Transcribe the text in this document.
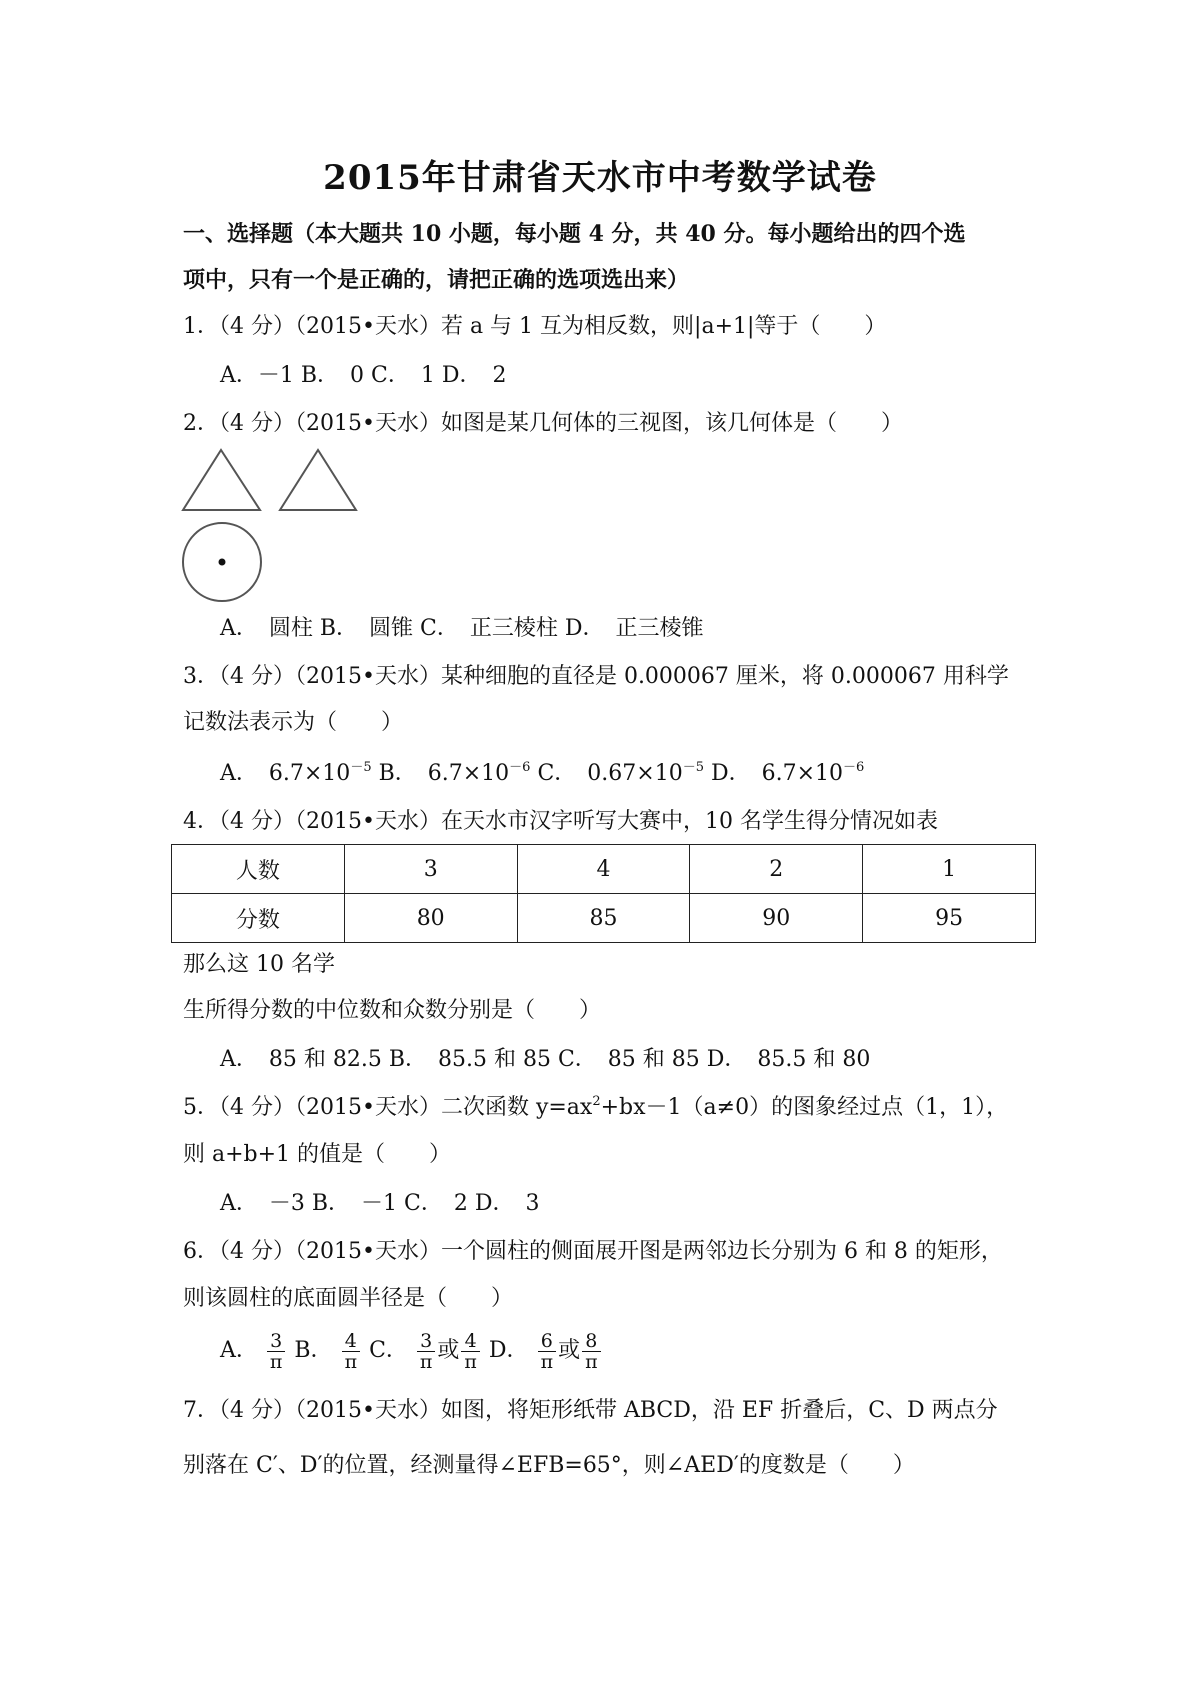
2015年甘肃省天水市中考数学试卷
一、选择题（本大题共 10 小题，每小题 4 分，共 40 分。每小题给出的四个选
项中，只有一个是正确的，请把正确的选项选出来）
1．（4 分）（2015•天水）若 a 与 1 互为相反数，则|a+1|等于（　　）
A．－1 B．　0 C．　1 D．　2
2．（4 分）（2015•天水）如图是某几何体的三视图，该几何体是（　　）
A．　圆柱 B．　圆锥 C．　正三棱柱 D．　正三棱锥
3．（4 分）（2015•天水）某种细胞的直径是 0.000067 厘米，将 0.000067 用科学
记数法表示为（　　）
A．　$6.7\times 10^{-5}$ B．　$6.7\times 10^{-6}$ C．　$0.67\times 10^{-5}$ D．　$6.7\times 10^{-6}$
4．（4 分）（2015•天水）在天水市汉字听写大赛中，10 名学生得分情况如表
人数	3	4	2	1
分数	80	85	90	95
那么这 10 名学
生所得分数的中位数和众数分别是（　　）
A．　85 和 82.5 B．　85.5 和 85 C．　85 和 85 D．　85.5 和 80
5．（4 分）（2015•天水）二次函数 $y=ax^2+bx-1(a\ne 0)$的图象经过点（1，1），
则 a+b+1 的值是（　　）
A．　－3 B．　－1 C．　2 D．　3
6．（4 分）（2015•天水）一个圆柱的侧面展开图是两邻边长分别为 6 和 8 的矩形，
则该圆柱的底面圆半径是（　　）
A． $\frac{3}{\pi}$ B． $\frac{4}{\pi}$ C． $\frac{3}{\pi}$ 或 $\frac{4}{\pi}$ D． $\frac{6}{\pi}$ 或 $\frac{8}{\pi}$
7．（4 分）（2015•天水）如图，将矩形纸带 ABCD，沿 EF 折叠后，C、D 两点分
别落在 C′、D′的位置，经测量得∠EFB=65°，则∠AED′的度数是（　　）
